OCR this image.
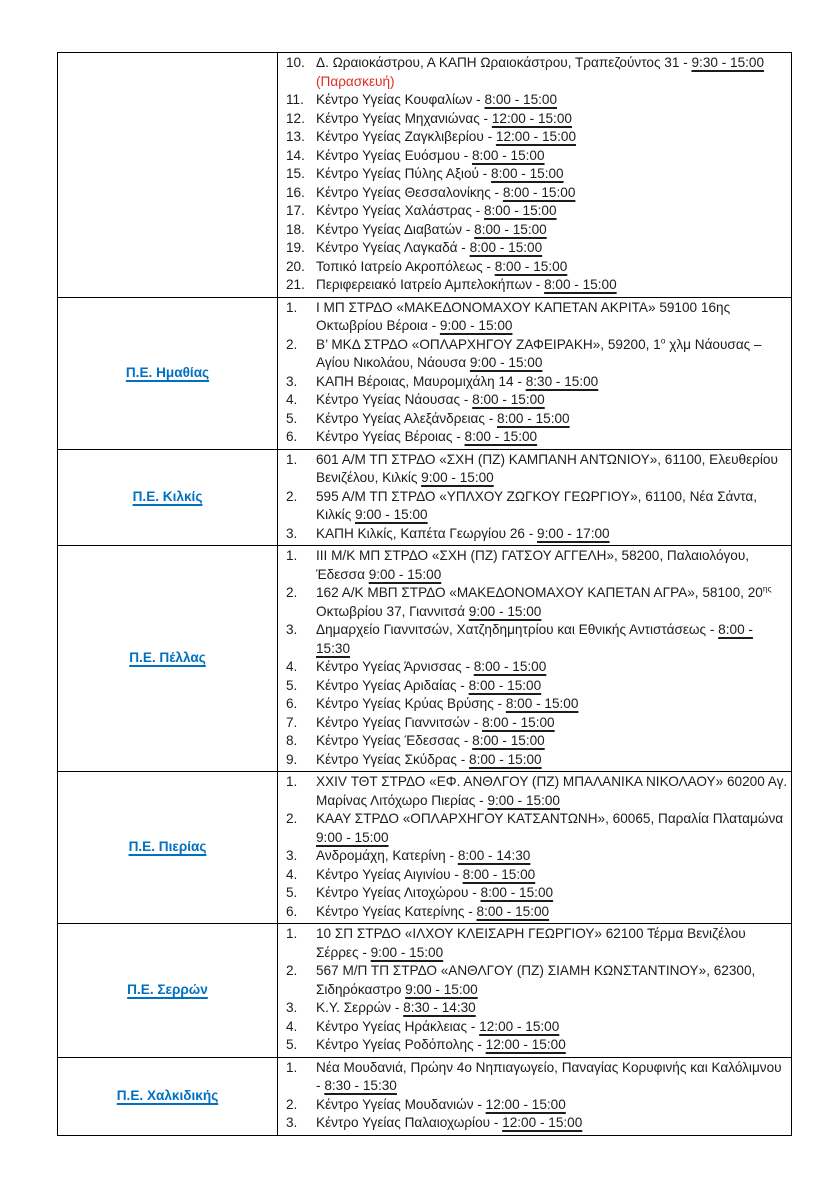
10. Δ. Ωραιοκάστρου, Α ΚΑΠΗ Ωραιοκάστρου, Τραπεζούντος 31 - 9:30 - 15:00 (Παρασκευή)
11. Κέντρο Υγείας Κουφαλίων - 8:00 - 15:00
12. Κέντρο Υγείας Μηχανιώνας - 12:00 - 15:00
13. Κέντρο Υγείας Ζαγκλιβερίου - 12:00 - 15:00
14. Κέντρο Υγείας Ευόσμου - 8:00 - 15:00
15. Κέντρο Υγείας Πύλης Αξιού - 8:00 - 15:00
16. Κέντρο Υγείας Θεσσαλονίκης - 8:00 - 15:00
17. Κέντρο Υγείας Χαλάστρας - 8:00 - 15:00
18. Κέντρο Υγείας Διαβατών - 8:00 - 15:00
19. Κέντρο Υγείας Λαγκαδά - 8:00 - 15:00
20. Τοπικό Ιατρείο Ακροπόλεως - 8:00 - 15:00
21. Περιφερειακό Ιατρείο Αμπελοκήπων - 8:00 - 15:00

Π.Ε. Ημαθίας	
1.	Ι ΜΠ ΣΤΡΔΟ «ΜΑΚΕΔΟΝΟΜΑΧΟΥ ΚΑΠΕΤΑΝ ΑΚΡΙΤΑ» 59100 16ης Οκτωβρίου Βέροια - 9:00 - 15:00
2.	Β’ ΜΚΔ ΣΤΡΔΟ «ΟΠΛΑΡΧΗΓΟΥ ΖΑΦΕΙΡΑΚΗ», 59200, $1^o$ χλμ Νάουσας – Αγίου Νικολάου, Νάουσα 9:00 - 15:00
3.	ΚΑΠΗ Βέροιας, Μαυρομιχάλη 14 - 8:30 - 15:00
4.	Κέντρο Υγείας Νάουσας - 8:00 - 15:00
5.	Κέντρο Υγείας Αλεξάνδρειας - 8:00 - 15:00
6.	Κέντρο Υγείας Βέροιας - 8:00 - 15:00

Π.Ε. Κιλκίς	
1.	601 Α/Μ ΤΠ ΣΤΡΔΟ «ΣΧΗ (ΠΖ) ΚΑΜΠΑΝΗ ΑΝΤΩΝΙΟΥ», 61100, Ελευθερίου Βενιζέλου, Κιλκίς 9:00 - 15:00
2.	595 Α/Μ ΤΠ ΣΤΡΔΟ «ΥΠΛΧΟΥ ΖΩΓΚΟΥ ΓΕΩΡΓΙΟΥ», 61100, Νέα Σάντα, Κιλκίς 9:00 - 15:00
3.	ΚΑΠΗ Κιλκίς, Καπέτα Γεωργίου 26 - 9:00 - 17:00

Π.Ε. Πέλλας	
1.	ΙΙΙ Μ/Κ ΜΠ ΣΤΡΔΟ «ΣΧΗ (ΠΖ) ΓΑΤΣΟΥ ΑΓΓΕΛΗ», 58200, Παλαιολόγου, Έδεσσα 9:00 - 15:00
2.	162 Α/Κ ΜΒΠ ΣΤΡΔΟ «ΜΑΚΕΔΟΝΟΜΑΧΟΥ ΚΑΠΕΤΑΝ ΑΓΡΑ», 58100, $20^{\eta\varsigma}$ Οκτωβρίου 37, Γιαννιτσά 9:00 - 15:00
3.	Δημαρχείο Γιαννιτσών, Χατζηδημητρίου και Εθνικής Αντιστάσεως - 8:00 - 15:30
4.	Κέντρο Υγείας Άρνισσας - 8:00 - 15:00
5.	Κέντρο Υγείας Αριδαίας - 8:00 - 15:00
6.	Κέντρο Υγείας Κρύας Βρύσης - 8:00 - 15:00
7.	Κέντρο Υγείας Γιαννιτσών - 8:00 - 15:00
8.	Κέντρο Υγείας Έδεσσας - 8:00 - 15:00
9.	Κέντρο Υγείας Σκύδρας - 8:00 - 15:00

Π.Ε. Πιερίας	
1.	XXIV ΤΘΤ ΣΤΡΔΟ «ΕΦ. ΑΝΘΛΓΟΥ (ΠΖ) ΜΠΑΛΑΝΙΚΑ ΝΙΚΟΛΑΟΥ» 60200 Αγ. Μαρίνας Λιτόχωρο Πιερίας - 9:00 - 15:00
2.	ΚΑΑΥ ΣΤΡΔΟ «ΟΠΛΑΡΧΗΓΟΥ ΚΑΤΣΑΝΤΩΝΗ», 60065, Παραλία Πλαταμώνα 9:00 - 15:00
3.	Ανδρομάχη, Κατερίνη - 8:00 - 14:30
4.	Κέντρο Υγείας Αιγινίου - 8:00 - 15:00
5.	Κέντρο Υγείας Λιτοχώρου - 8:00 - 15:00
6.	Κέντρο Υγείας Κατερίνης - 8:00 - 15:00

Π.Ε. Σερρών	
1.	10 ΣΠ ΣΤΡΔΟ «ΙΛΧΟΥ ΚΛΕΙΣΑΡΗ ΓΕΩΡΓΙΟΥ» 62100 Τέρμα Βενιζέλου Σέρρες - 9:00 - 15:00
2.	567 Μ/Π ΤΠ ΣΤΡΔΟ «ΑΝΘΛΓΟΥ (ΠΖ) ΣΙΑΜΗ ΚΩΝΣΤΑΝΤΙΝΟΥ», 62300, Σιδηρόκαστρο 9:00 - 15:00
3.	Κ.Υ. Σερρών - 8:30 - 14:30
4.	Κέντρο Υγείας Ηράκλειας - 12:00 - 15:00
5.	Κέντρο Υγείας Ροδόπολης - 12:00 - 15:00

Π.Ε. Χαλκιδικής	
1.	Νέα Μουδανιά, Πρώην 4ο Νηπιαγωγείο, Παναγίας Κορυφινής και Καλόλιμνου - 8:30 - 15:30
2.	Κέντρο Υγείας Μουδανιών - 12:00 - 15:00
3.	Κέντρο Υγείας Παλαιοχωρίου - 12:00 - 15:00
